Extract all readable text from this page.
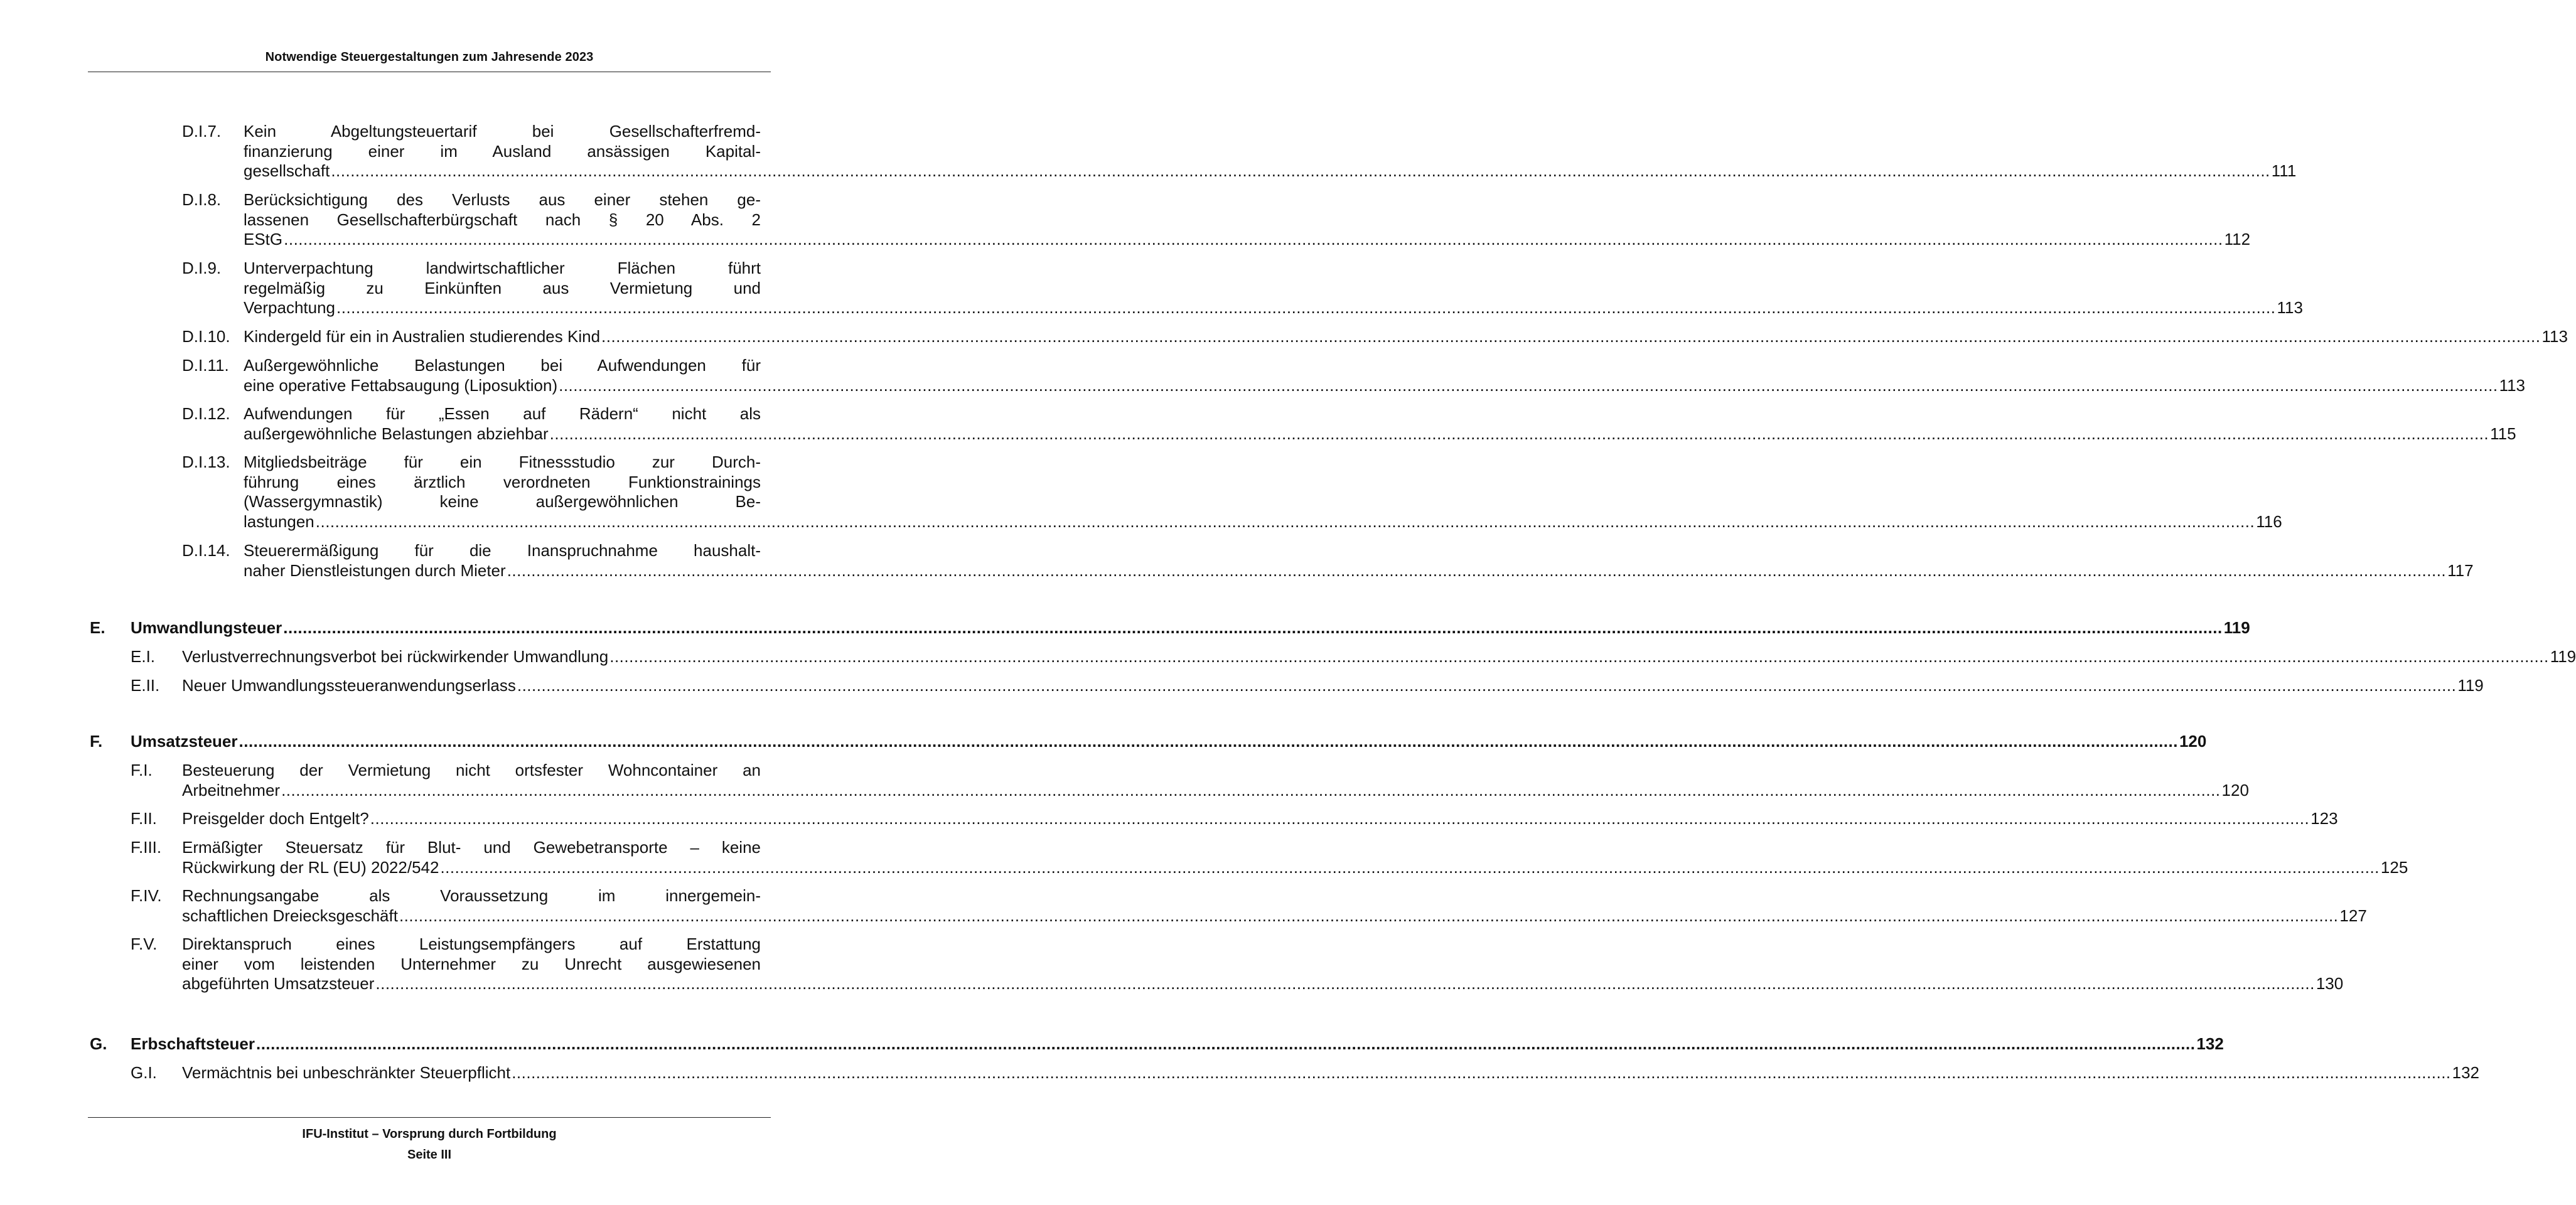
Notwendige Steuergestaltungen zum Jahresende 2023
D.I.7. Kein Abgeltungsteuertarif bei Gesellschafterfremd-
finanzierung einer im Ausland ansässigen Kapital-
gesellschaft ................................................................................................................................................................................................................................................................................................................................................................................................................ 111
D.I.8. Berücksichtigung des Verlusts aus einer stehen ge-
lassenen Gesellschafterbürgschaft nach § 20 Abs. 2
EStG ................................................................................................................................................................................................................................................................................................................................................................................................................ 112
D.I.9. Unterverpachtung landwirtschaftlicher Flächen führt
regelmäßig zu Einkünften aus Vermietung und
Verpachtung ................................................................................................................................................................................................................................................................................................................................................................................................................ 113
D.I.10. Kindergeld für ein in Australien studierendes Kind ................................................................................................................................................................................................................................................................................................................................................................................................................ 113
D.I.11. Außergewöhnliche Belastungen bei Aufwendungen für
eine operative Fettabsaugung (Liposuktion) ................................................................................................................................................................................................................................................................................................................................................................................................................ 113
D.I.12. Aufwendungen für „Essen auf Rädern“ nicht als
außergewöhnliche Belastungen abziehbar ................................................................................................................................................................................................................................................................................................................................................................................................................ 115
D.I.13. Mitgliedsbeiträge für ein Fitnessstudio zur Durch-
führung eines ärztlich verordneten Funktionstrainings
(Wassergymnastik) keine außergewöhnlichen Be-
lastungen ................................................................................................................................................................................................................................................................................................................................................................................................................ 116
D.I.14. Steuerermäßigung für die Inanspruchnahme haushalt-
naher Dienstleistungen durch Mieter ................................................................................................................................................................................................................................................................................................................................................................................................................ 117
E. Umwandlungsteuer ................................................................................................................................................................................................................................................................................................................................................................................................................ 119
E.I. Verlustverrechnungsverbot bei rückwirkender Umwandlung ................................................................................................................................................................................................................................................................................................................................................................................................................ 119
E.II. Neuer Umwandlungssteueranwendungserlass ................................................................................................................................................................................................................................................................................................................................................................................................................ 119
F. Umsatzsteuer ................................................................................................................................................................................................................................................................................................................................................................................................................ 120
F.I. Besteuerung der Vermietung nicht ortsfester Wohncontainer an
Arbeitnehmer ................................................................................................................................................................................................................................................................................................................................................................................................................ 120
F.II. Preisgelder doch Entgelt? ................................................................................................................................................................................................................................................................................................................................................................................................................ 123
F.III. Ermäßigter Steuersatz für Blut- und Gewebetransporte – keine
Rückwirkung der RL (EU) 2022/542 ................................................................................................................................................................................................................................................................................................................................................................................................................ 125
F.IV. Rechnungsangabe als Voraussetzung im innergemein-
schaftlichen Dreiecksgeschäft ................................................................................................................................................................................................................................................................................................................................................................................................................ 127
F.V. Direktanspruch eines Leistungsempfängers auf Erstattung
einer vom leistenden Unternehmer zu Unrecht ausgewiesenen
abgeführten Umsatzsteuer ................................................................................................................................................................................................................................................................................................................................................................................................................ 130
G. Erbschaftsteuer ................................................................................................................................................................................................................................................................................................................................................................................................................ 132
G.I. Vermächtnis bei unbeschränkter Steuerpflicht ................................................................................................................................................................................................................................................................................................................................................................................................................ 132
IFU-Institut – Vorsprung durch Fortbildung
Seite III
